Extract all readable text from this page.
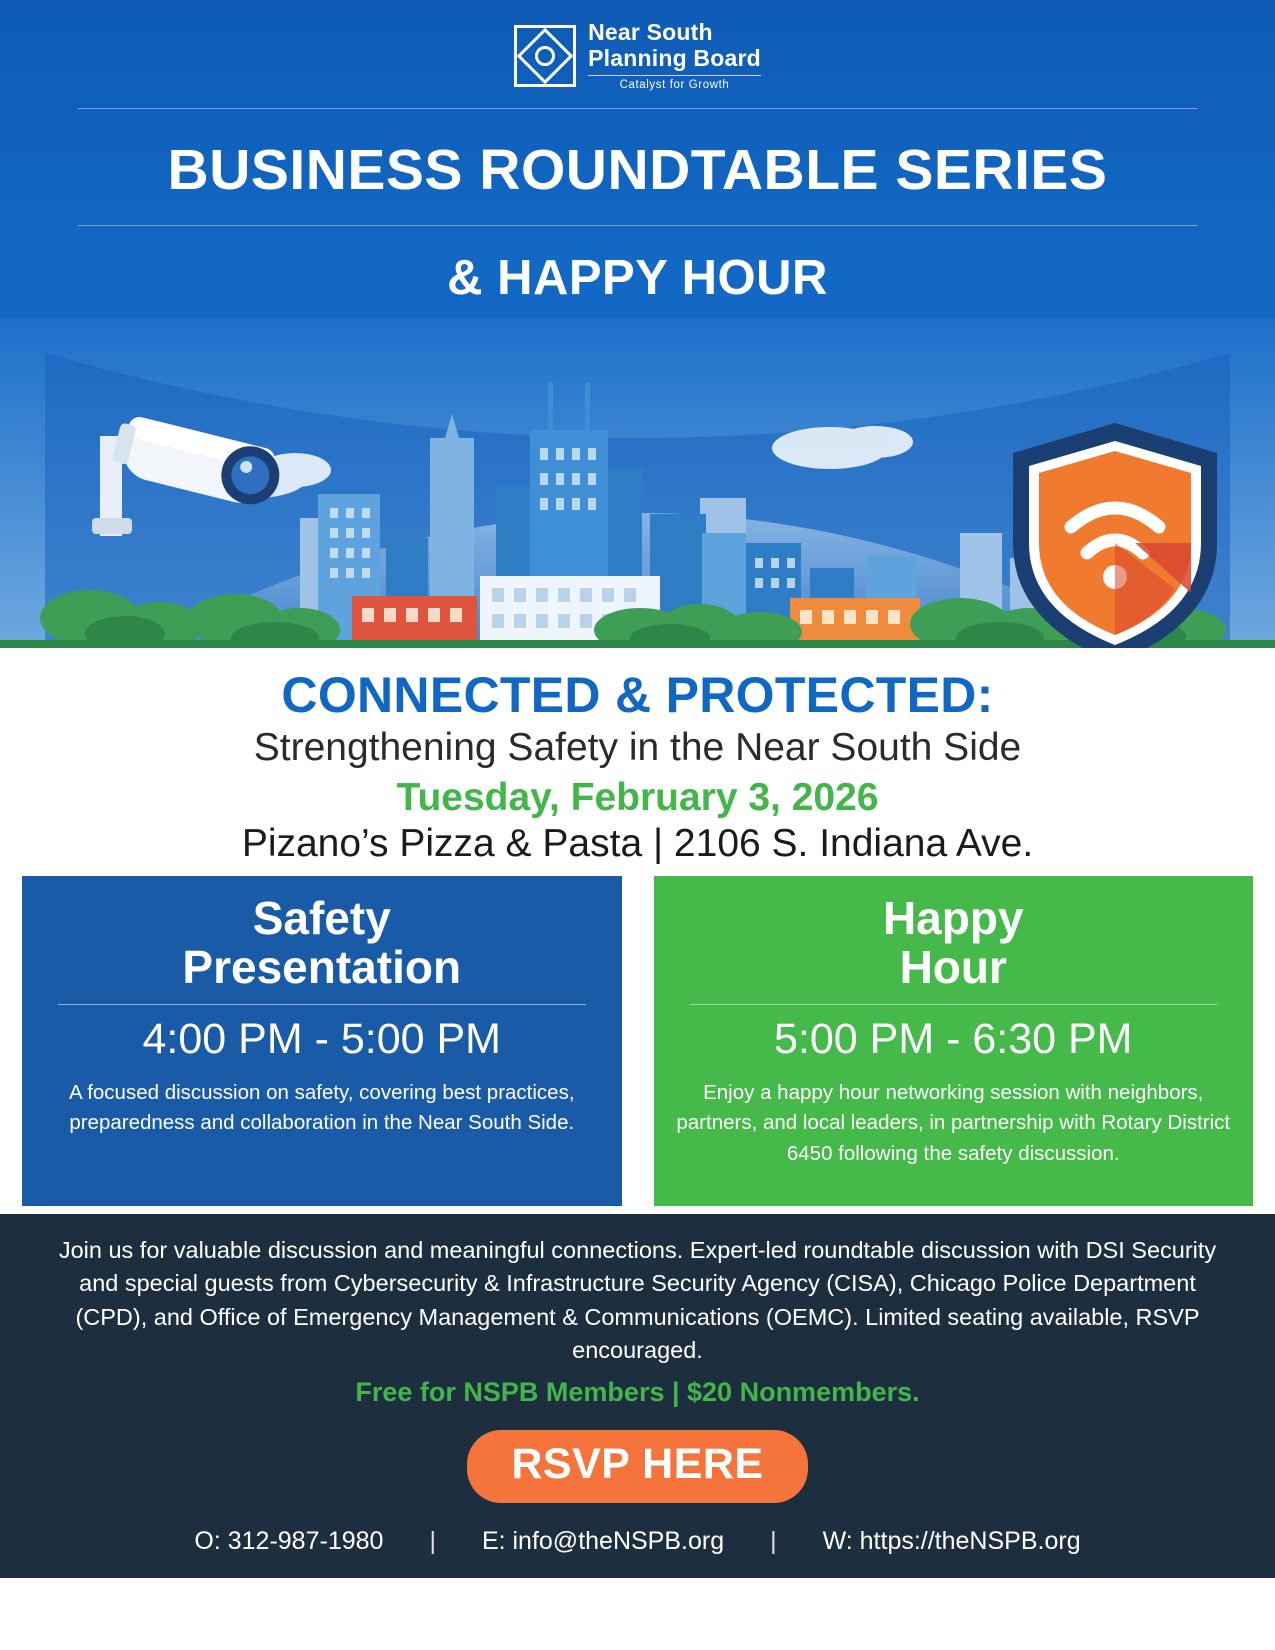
Near South
Planning Board
Catalyst for Growth
BUSINESS ROUNDTABLE SERIES
& HAPPY HOUR
CONNECTED & PROTECTED:
Strengthening Safety in the Near South Side
Tuesday, February 3, 2026
Pizano’s Pizza & Pasta | 2106 S. Indiana Ave.
Safety
Presentation
4:00 PM - 5:00 PM
A focused discussion on safety, covering best practices, preparedness and collaboration in the Near South Side.
Happy
Hour
5:00 PM - 6:30 PM
Enjoy a happy hour networking session with neighbors, partners, and local leaders, in partnership with Rotary District 6450 following the safety discussion.

Join us for valuable discussion and meaningful connections. Expert-led roundtable discussion with DSI Security and special guests from Cybersecurity & Infrastructure Security Agency (CISA), Chicago Police Department (CPD), and Office of Emergency Management & Communications (OEMC). Limited seating available, RSVP encouraged.

Free for NSPB Members | $20 Nonmembers.
RSVP HERE
O: 312-987-1980 | E: info@theNSPB.org | W: https://theNSPB.org
